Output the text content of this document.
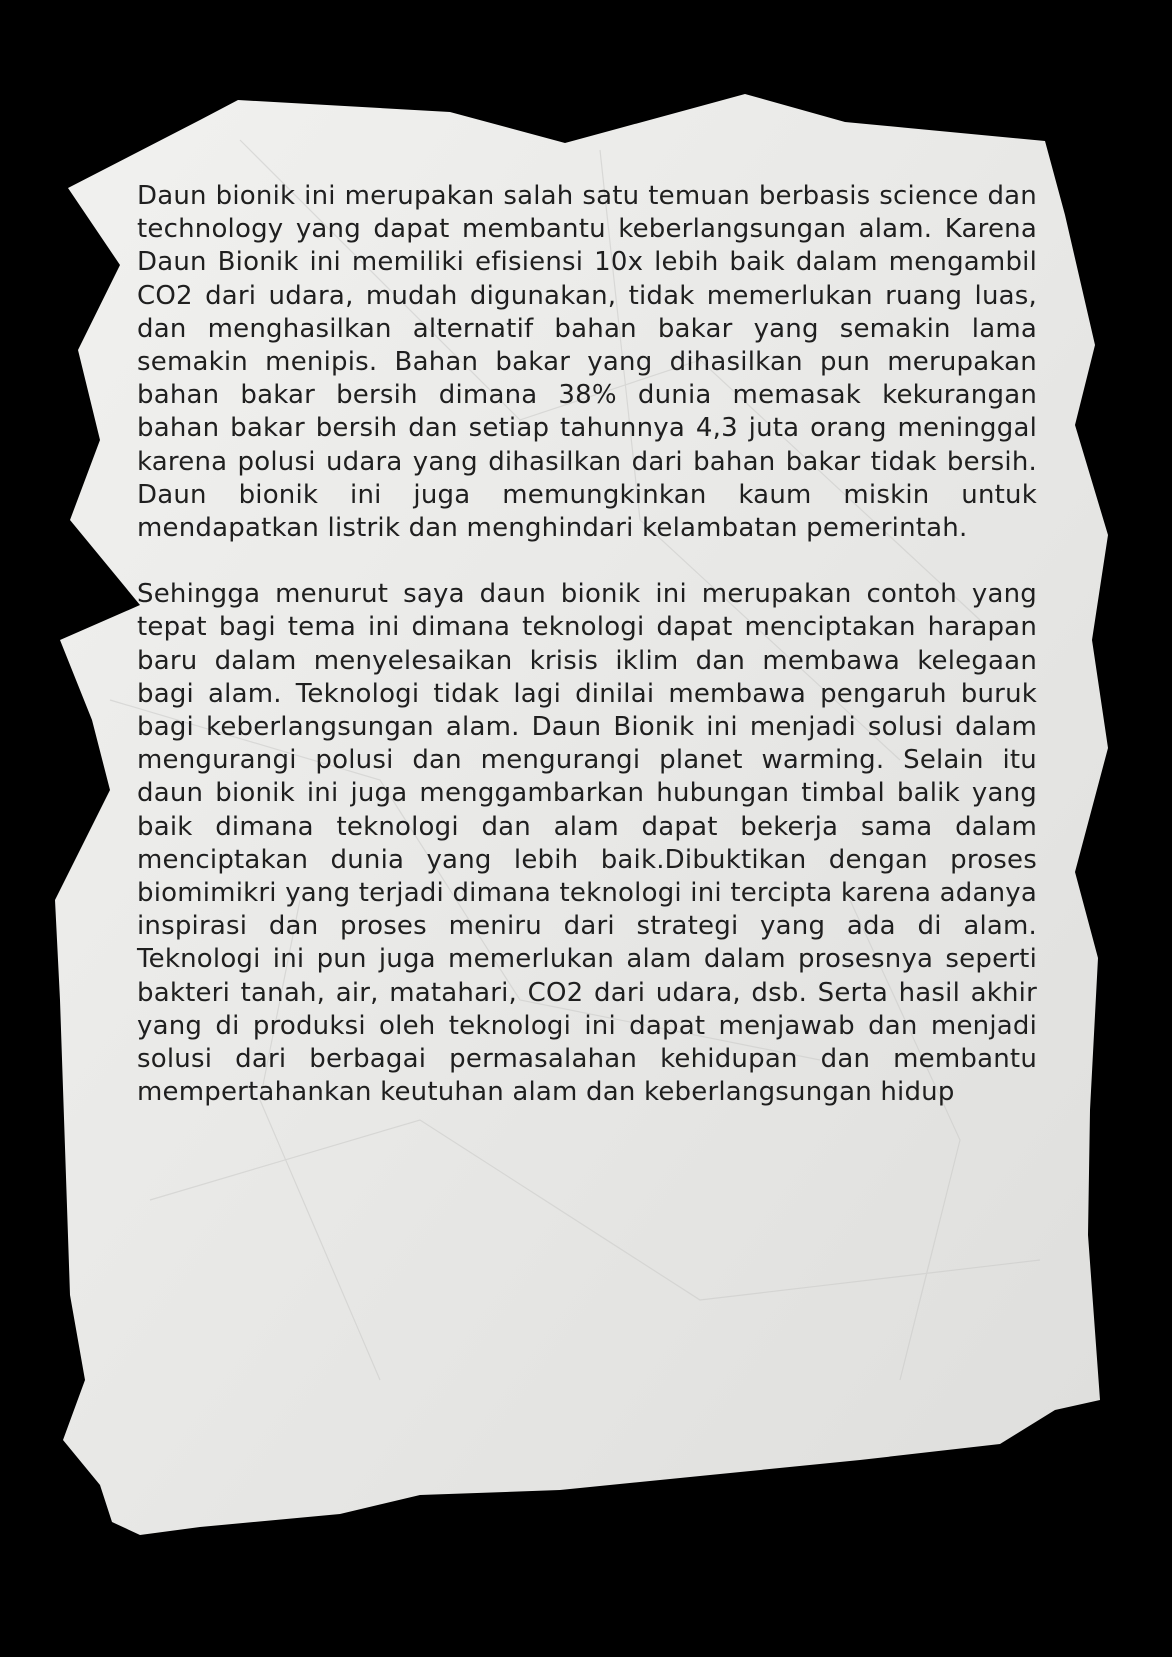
Daun bionik ini merupakan salah satu temuan berbasis science dan technology yang dapat membantu keberlangsungan alam. Karena Daun Bionik ini memiliki efisiensi 10x lebih baik dalam mengambil CO2 dari udara, mudah digunakan, tidak memerlukan ruang luas, dan menghasilkan alternatif bahan bakar yang semakin lama semakin menipis. Bahan bakar yang dihasilkan pun merupakan bahan bakar bersih dimana 38% dunia memasak kekurangan bahan bakar bersih dan setiap tahunnya 4,3 juta orang meninggal karena polusi udara yang dihasilkan dari bahan bakar tidak bersih. Daun bionik ini juga memungkinkan kaum miskin untuk mendapatkan listrik dan menghindari kelambatan pemerintah.

Sehingga menurut saya daun bionik ini merupakan contoh yang tepat bagi tema ini dimana teknologi dapat menciptakan harapan baru dalam menyelesaikan krisis iklim dan membawa kelegaan bagi alam. Teknologi tidak lagi dinilai membawa pengaruh buruk bagi keberlangsungan alam. Daun Bionik ini menjadi solusi dalam mengurangi polusi dan mengurangi planet warming. Selain itu daun bionik ini juga menggambarkan hubungan timbal balik yang baik dimana teknologi dan alam dapat bekerja sama dalam menciptakan dunia yang lebih baik.Dibuktikan dengan proses biomimikri yang terjadi dimana teknologi ini tercipta karena adanya inspirasi dan proses meniru dari strategi yang ada di alam. Teknologi ini pun juga memerlukan alam dalam prosesnya seperti bakteri tanah, air, matahari, CO2 dari udara, dsb. Serta hasil akhir yang di produksi oleh teknologi ini dapat menjawab dan menjadi solusi dari berbagai permasalahan kehidupan dan membantu mempertahankan keutuhan alam dan keberlangsungan hidup
